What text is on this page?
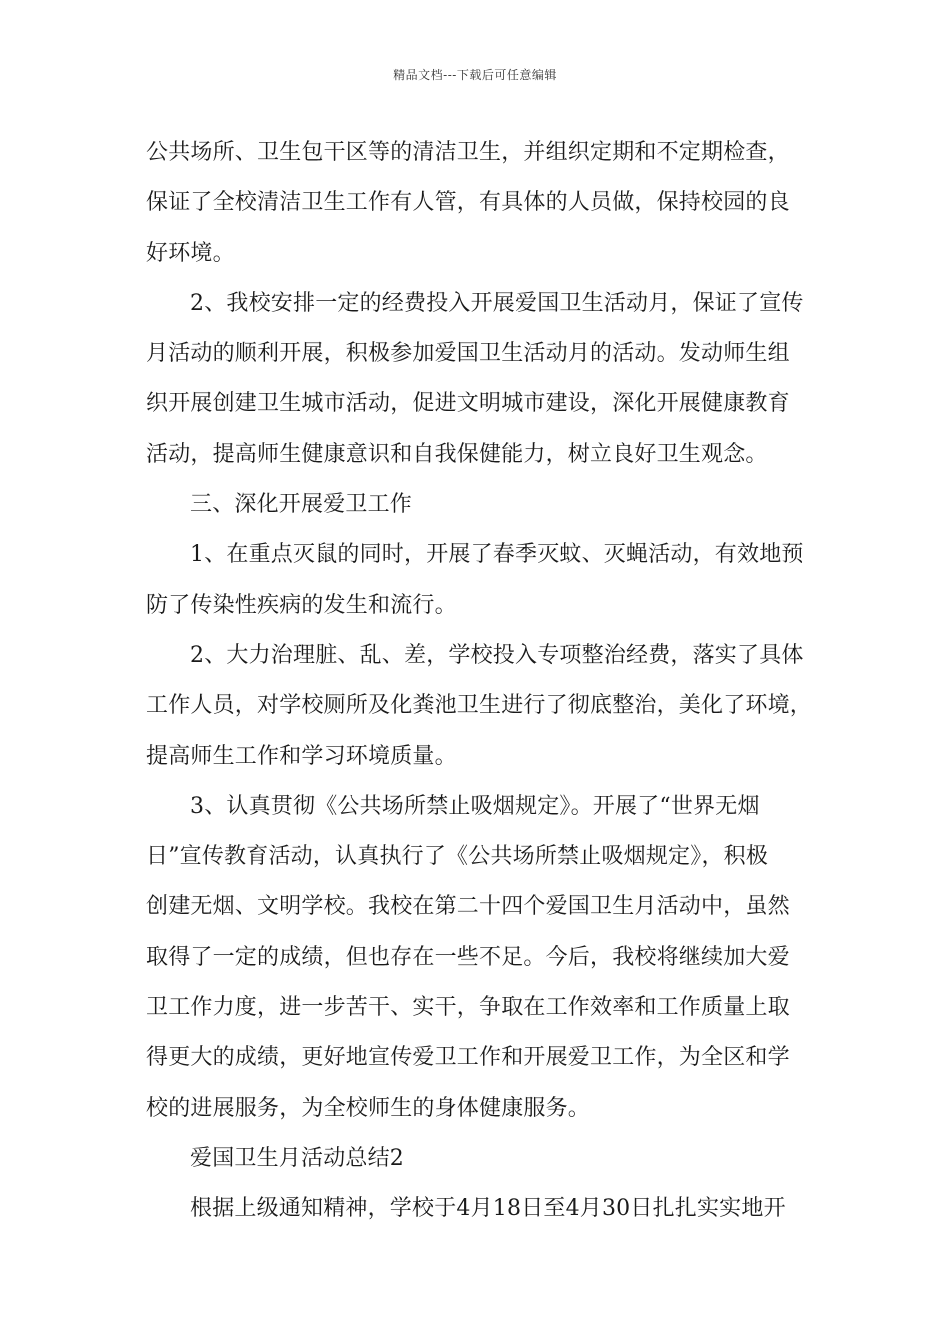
精品文档---下载后可任意编辑
公共场所、卫生包干区等的清洁卫生，并组织定期和不定期检查，
保证了全校清洁卫生工作有人管，有具体的人员做，保持校园的良
好环境。
2、我校安排一定的经费投入开展爱国卫生活动月，保证了宣传
月活动的顺利开展，积极参加爱国卫生活动月的活动。发动师生组
织开展创建卫生城市活动，促进文明城市建设，深化开展健康教育
活动，提高师生健康意识和自我保健能力，树立良好卫生观念。
三、深化开展爱卫工作
1、在重点灭鼠的同时，开展了春季灭蚊、灭蝇活动，有效地预
防了传染性疾病的发生和流行。
2、大力治理脏、乱、差，学校投入专项整治经费，落实了具体
工作人员，对学校厕所及化粪池卫生进行了彻底整治，美化了环境，
提高师生工作和学习环境质量。
3、认真贯彻《公共场所禁止吸烟规定》。开展了“世界无烟
日”宣传教育活动，认真执行了《公共场所禁止吸烟规定》，积极
创建无烟、文明学校。我校在第二十四个爱国卫生月活动中，虽然
取得了一定的成绩，但也存在一些不足。今后，我校将继续加大爱
卫工作力度，进一步苦干、实干，争取在工作效率和工作质量上取
得更大的成绩，更好地宣传爱卫工作和开展爱卫工作，为全区和学
校的进展服务，为全校师生的身体健康服务。
爱国卫生月活动总结2
根据上级通知精神，学校于4月18日至4月30日扎扎实实地开
